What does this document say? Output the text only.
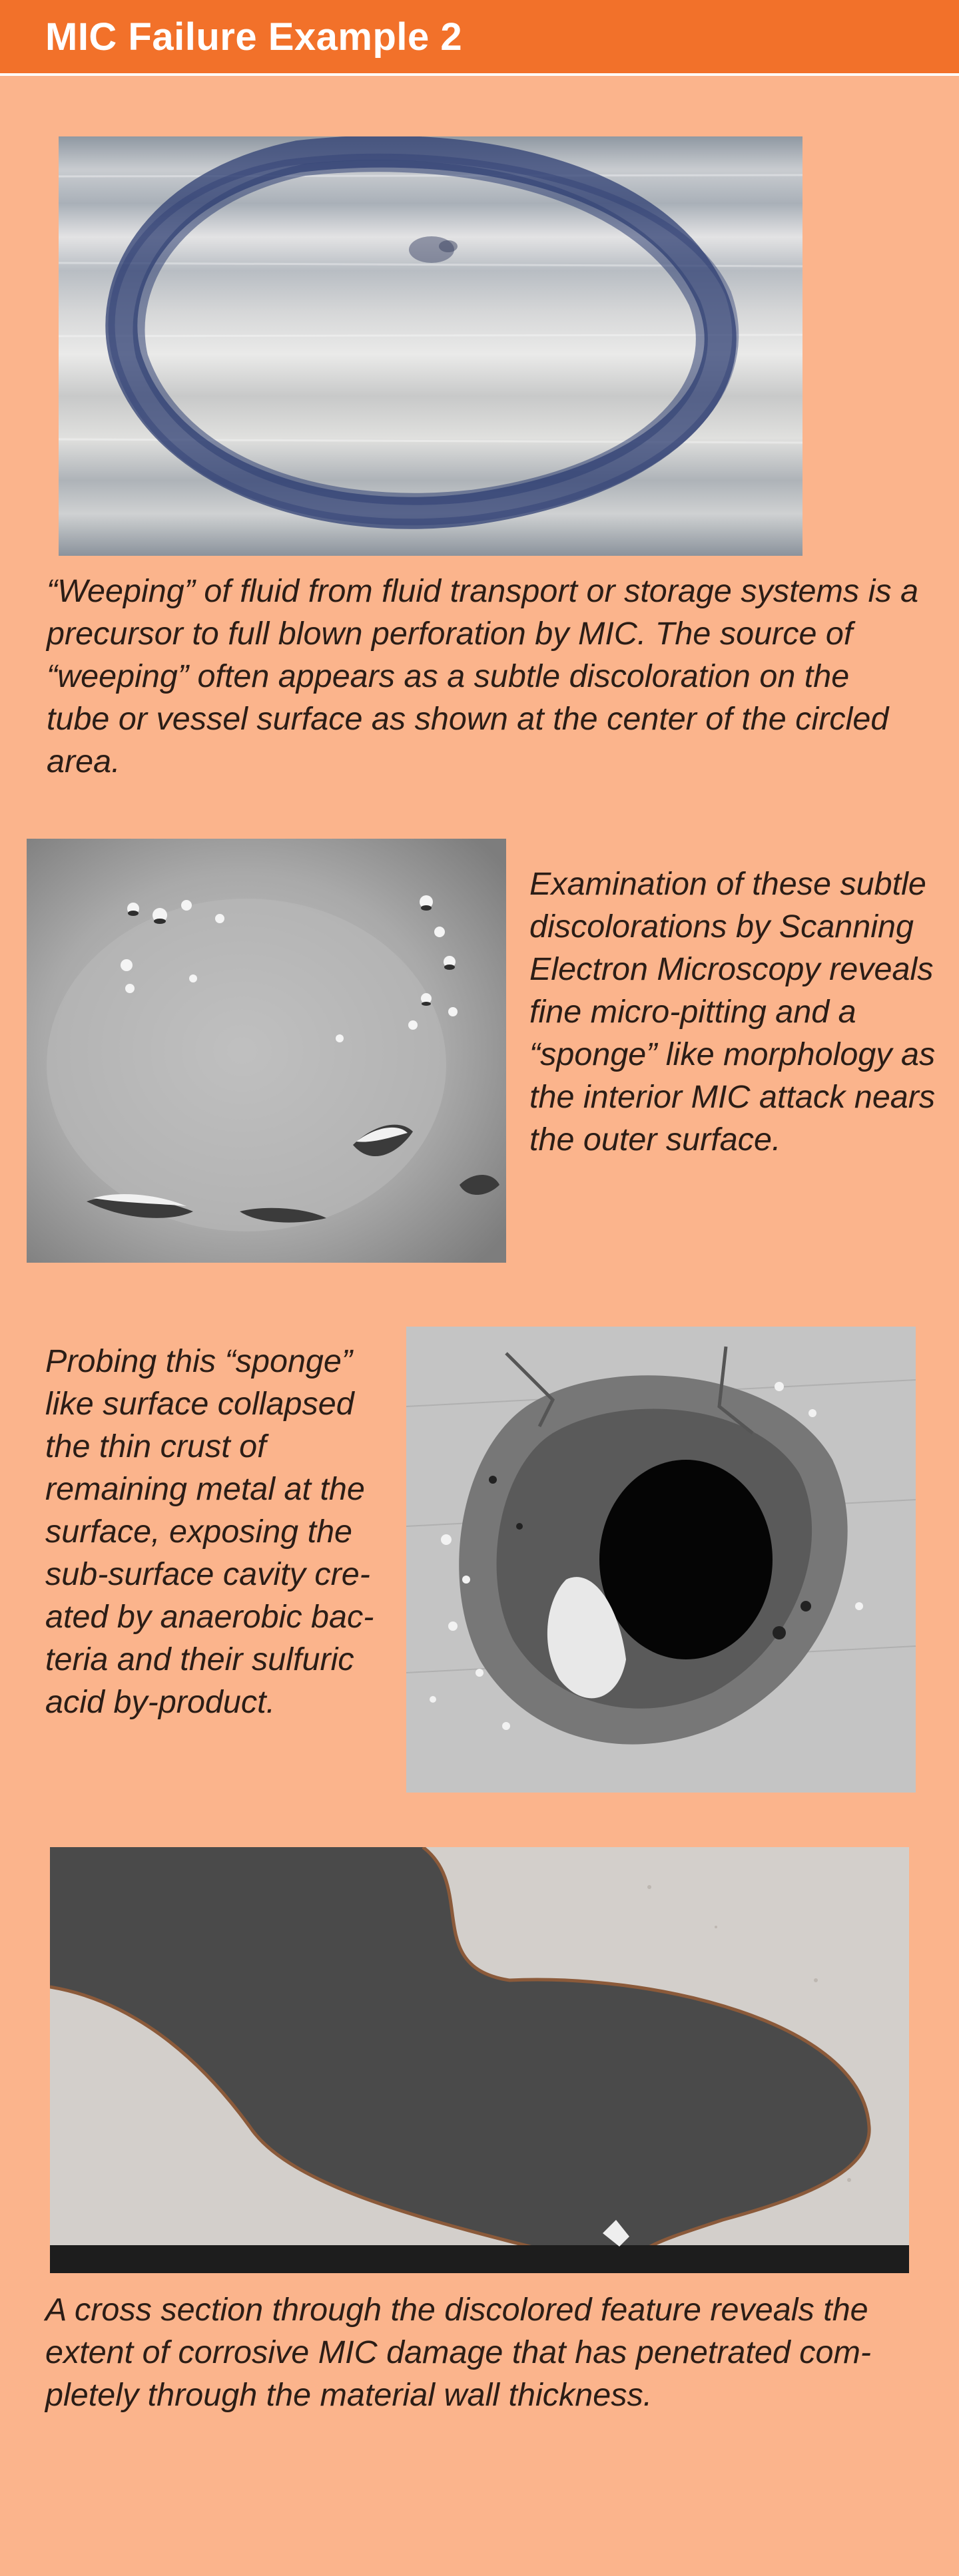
MIC Failure Example 2

“Weeping” of fluid from fluid transport or storage systems is a precursor to full blown perforation by MIC. The source of “weeping” often appears as a subtle discoloration on the tube or vessel surface as shown at the center of the circled area.

Examination of these subtle discolorations by Scanning Electron Microscopy reveals fine micro-pitting and a “sponge” like morphology as the interior MIC attack nears the outer surface.

Probing this “sponge” like surface collapsed the thin crust of remaining metal at the surface, exposing the sub-surface cavity cre-ated by anaerobic bac-teria and their sulfuric acid by-product.

A cross section through the discolored feature reveals the extent of corrosive MIC damage that has penetrated com-pletely through the material wall thickness.
